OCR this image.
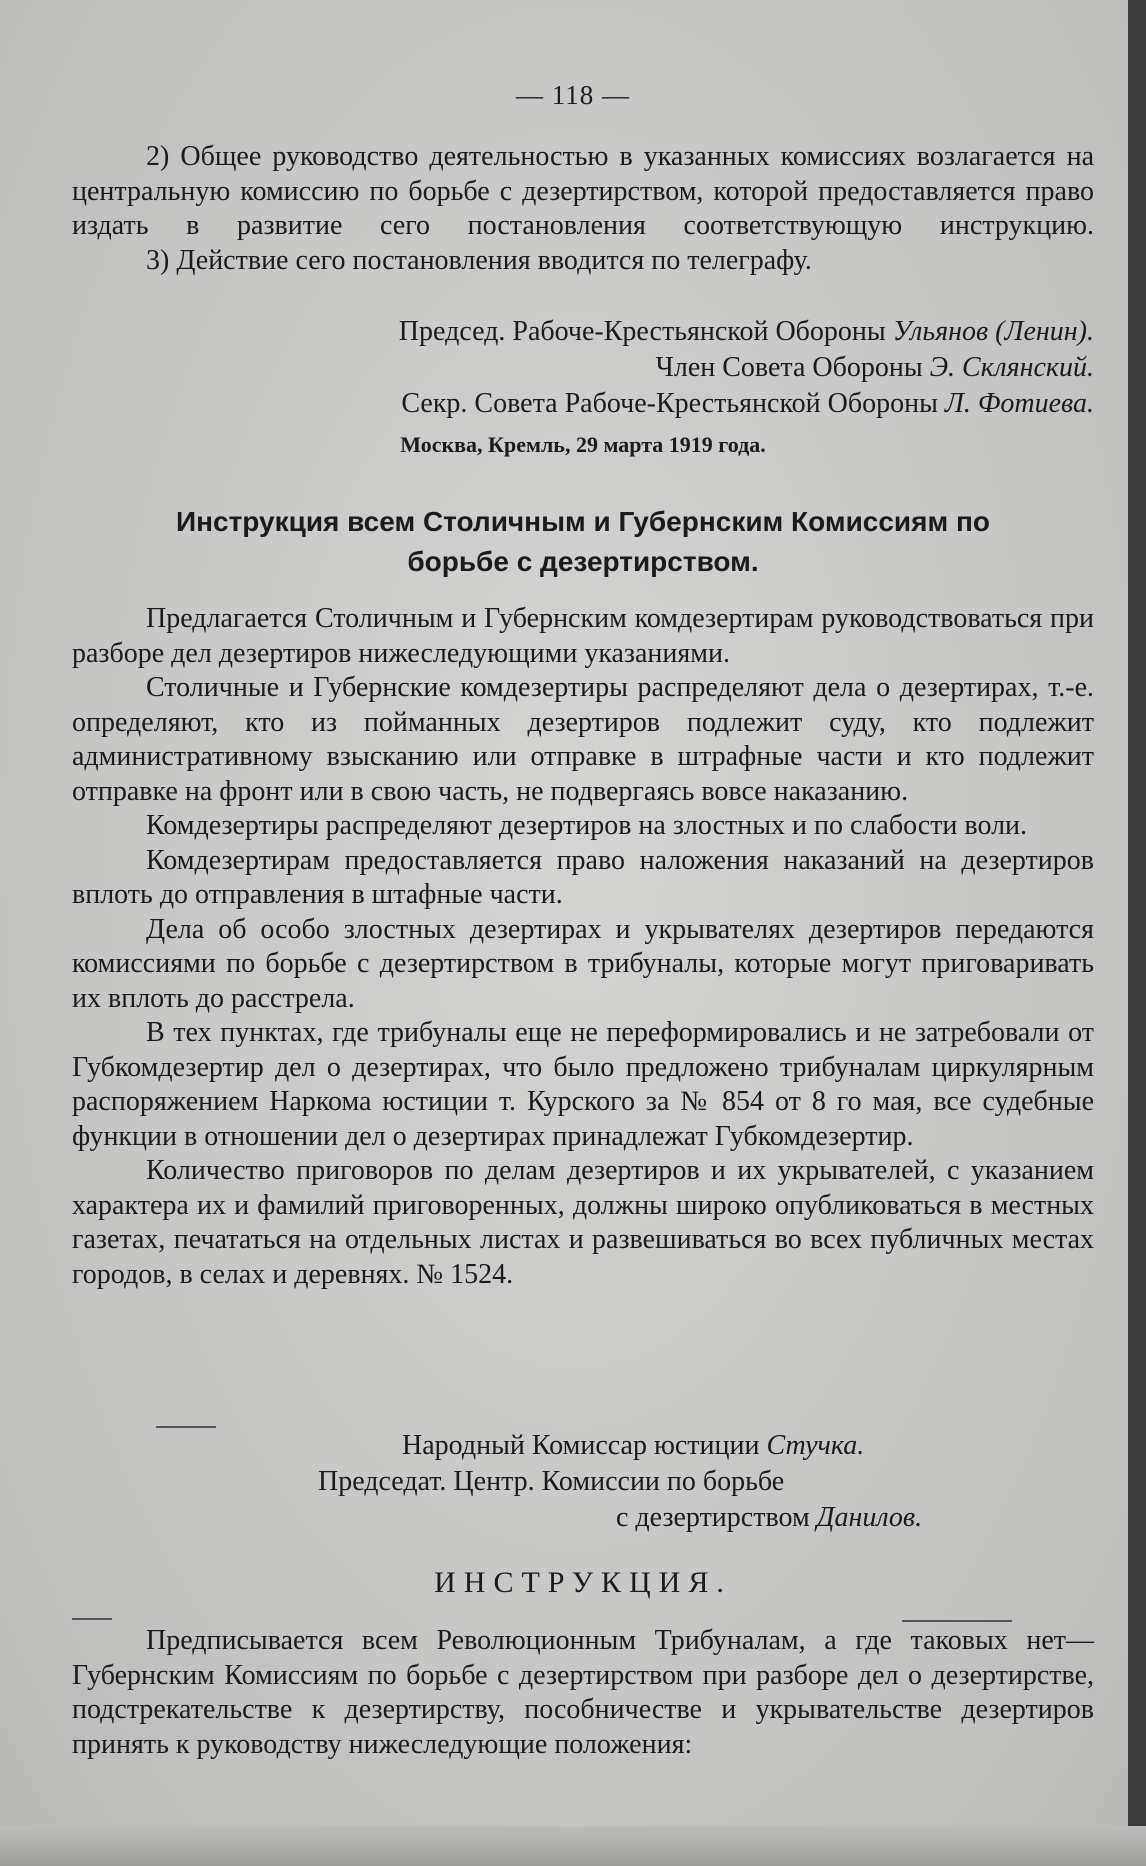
— 118 —

2) Общее руководство деятельностью в указанных комиссиях возлагается на центральную комиссию по борьбе с дезертирством, которой предоставляется право издать в развитие сего постановления соответствующую инструкцию.

3) Действие сего постановления вводится по телеграфу.

Председ. Рабоче-Крестьянской Обороны Ульянов (Ленин).

Член Совета Обороны Э. Склянский.

Секр. Совета Рабоче-Крестьянской Обороны Л. Фотиева.

Москва, Кремль, 29 марта 1919 года.

Инструкция всем Столичным и Губернским Комиссиям по

борьбе с дезертирством.

Предлагается Столичным и Губернским комдезертирам руководствоваться при разборе дел дезертиров нижеследующими указаниями.

Столичные и Губернские комдезертиры распределяют дела о дезертирах, т.-е. определяют, кто из пойманных дезертиров подлежит суду, кто подлежит административному взысканию или отправке в штрафные части и кто подлежит отправке на фронт или в свою часть, не подвергаясь вовсе наказанию.

Комдезертиры распределяют дезертиров на злостных и по слабости воли.

Комдезертирам предоставляется право наложения наказаний на дезертиров вплоть до отправления в штафные части.

Дела об особо злостных дезертирах и укрывателях дезертиров передаются комиссиями по борьбе с дезертирством в трибуналы, которые могут приговаривать их вплоть до расстрела.

В тех пунктах, где трибуналы еще не переформировались и не затребовали от Губкомдезертир дел о дезертирах, что было предложено трибуналам циркулярным распоряжением Наркома юстиции т. Курского за № 854 от 8 го мая, все судебные функции в отношении дел о дезертирах принадлежат Губкомдезертир.

Количество приговоров по делам дезертиров и их укрывателей, с указанием характера их и фамилий приговоренных, должны широко опубликоваться в местных газетах, печататься на отдельных листах и развешиваться во всех публичных местах городов, в селах и деревнях. № 1524.

Народный Комиссар юстиции Стучка.

Председат. Центр. Комиссии по борьбе

с дезертирством Данилов.

ИНСТРУКЦИЯ.

Предписывается всем Революционным Трибуналам, а где таковых нет—Губернским Комиссиям по борьбе с дезертирством при разборе дел о дезертирстве, подстрекательстве к дезертирству, пособничестве и укрывательстве дезертиров принять к руководству нижеследующие положения:
